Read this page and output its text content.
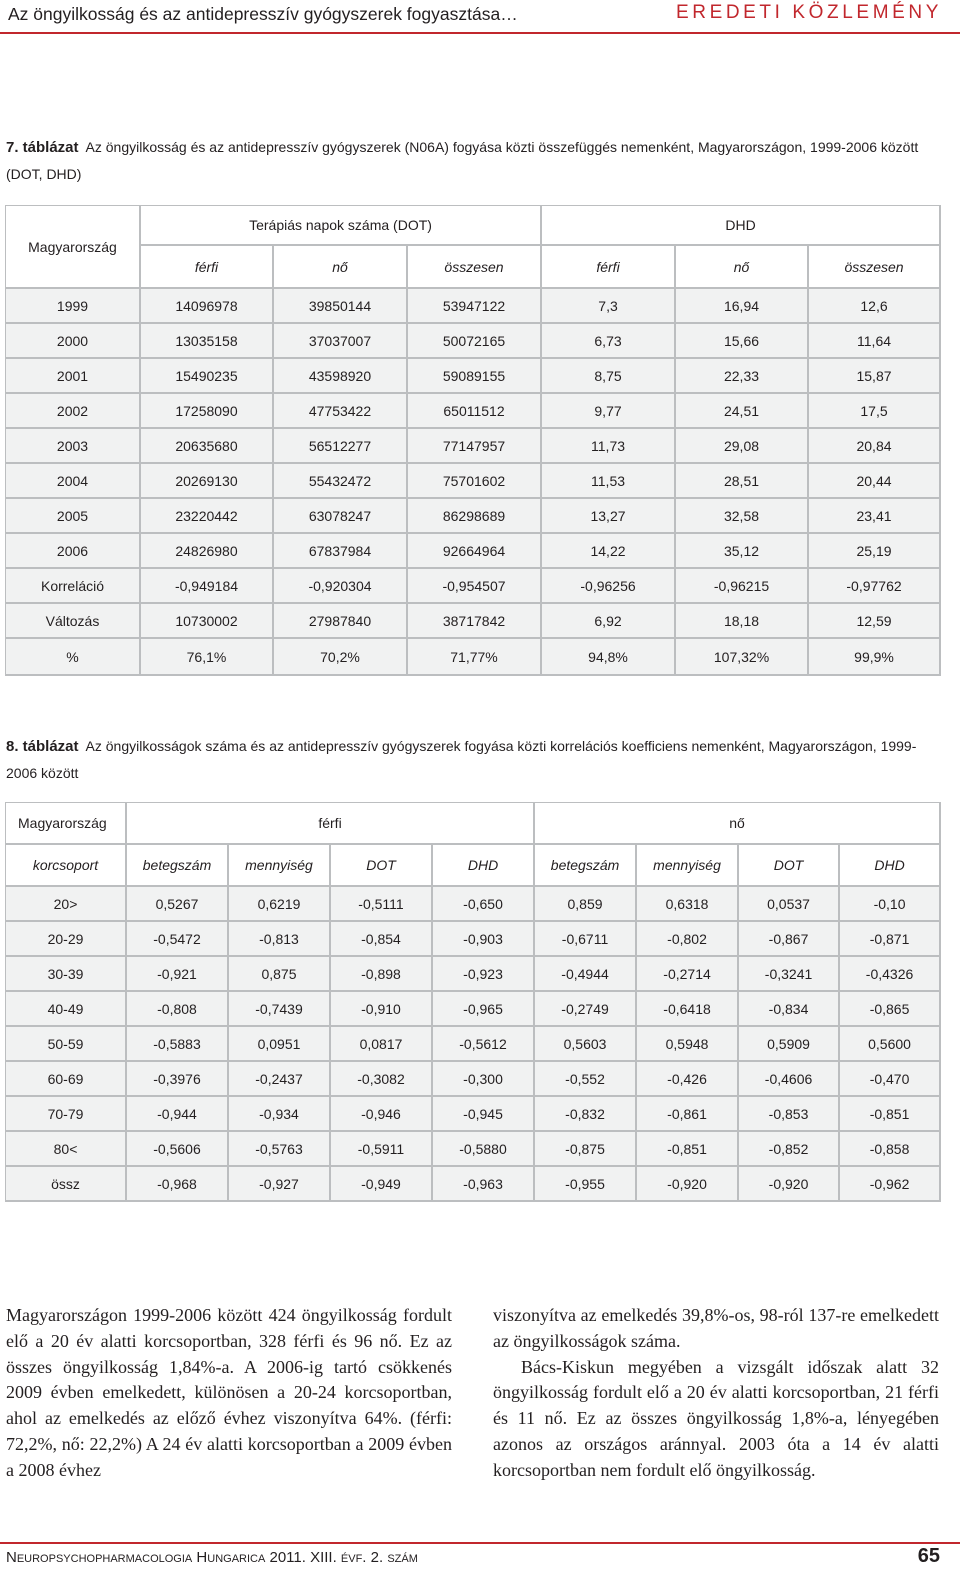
Az öngyilkosság és az antidepresszív gyógyszerek fogyasztása…	EREDETI KÖZLEMÉNY
7. táblázat Az öngyilkosság és az antidepresszív gyógyszerek (N06A) fogyása közti összefüggés nemenként, Magyarországon, 1999-2006 között (DOT, DHD)
Magyarország	Terápiás napok száma (DOT)			DHD		
	férfi	nő	összesen	férfi	nő	összesen
1999	14096978	39850144	53947122	7,3	16,94	12,6
2000	13035158	37037007	50072165	6,73	15,66	11,64
2001	15490235	43598920	59089155	8,75	22,33	15,87
2002	17258090	47753422	65011512	9,77	24,51	17,5
2003	20635680	56512277	77147957	11,73	29,08	20,84
2004	20269130	55432472	75701602	11,53	28,51	20,44
2005	23220442	63078247	86298689	13,27	32,58	23,41
2006	24826980	67837984	92664964	14,22	35,12	25,19
Korreláció	-0,949184	-0,920304	-0,954507	-0,96256	-0,96215	-0,97762
Változás	10730002	27987840	38717842	6,92	18,18	12,59
%	76,1%	70,2%	71,77%	94,8%	107,32%	99,9%
8. táblázat Az öngyilkosságok száma és az antidepresszív gyógyszerek fogyása közti korrelációs koefficiens nemenként, Magyarországon, 1999-2006 között
Magyarország	férfi				nő			
korcsoport	betegszám	mennyiség	DOT	DHD	betegszám	mennyiség	DOT	DHD
20>	0,5267	0,6219	-0,5111	-0,650	0,859	0,6318	0,0537	-0,10
20-29	-0,5472	-0,813	-0,854	-0,903	-0,6711	-0,802	-0,867	-0,871
30-39	-0,921	0,875	-0,898	-0,923	-0,4944	-0,2714	-0,3241	-0,4326
40-49	-0,808	-0,7439	-0,910	-0,965	-0,2749	-0,6418	-0,834	-0,865
50-59	-0,5883	0,0951	0,0817	-0,5612	0,5603	0,5948	0,5909	0,5600
60-69	-0,3976	-0,2437	-0,3082	-0,300	-0,552	-0,426	-0,4606	-0,470
70-79	-0,944	-0,934	-0,946	-0,945	-0,832	-0,861	-0,853	-0,851
80<	-0,5606	-0,5763	-0,5911	-0,5880	-0,875	-0,851	-0,852	-0,858
össz	-0,968	-0,927	-0,949	-0,963	-0,955	-0,920	-0,920	-0,962

Magyarországon 1999-2006 között 424 öngyilkosság fordult elő a 20 év alatti korcsoportban, 328 férfi és 96 nő. Ez az összes öngyilkosság 1,84%-a. A 2006-ig tartó csökkenés 2009 évben emelkedett, különösen a 20-24 korcsoportban, ahol az emelkedés az előző évhez viszonyítva 64%. (férfi: 72,2%, nő: 22,2%) A 24 év alatti korcsoportban a 2009 évben a 2008 évhez

viszonyítva az emelkedés 39,8%-os, 98-ról 137-re emelkedett az öngyilkosságok száma.

Bács-Kiskun megyében a vizsgált időszak alatt 32 öngyilkosság fordult elő a 20 év alatti korcsoportban, 21 férfi és 11 nő. Ez az összes öngyilkosság 1,8%-a, lényegében azonos az országos aránnyal. 2003 óta a 14 év alatti korcsoportban nem fordult elő öngyilkosság.

Neuropsychopharmacologia Hungarica 2011. XIII. évf. 2. szám	65
